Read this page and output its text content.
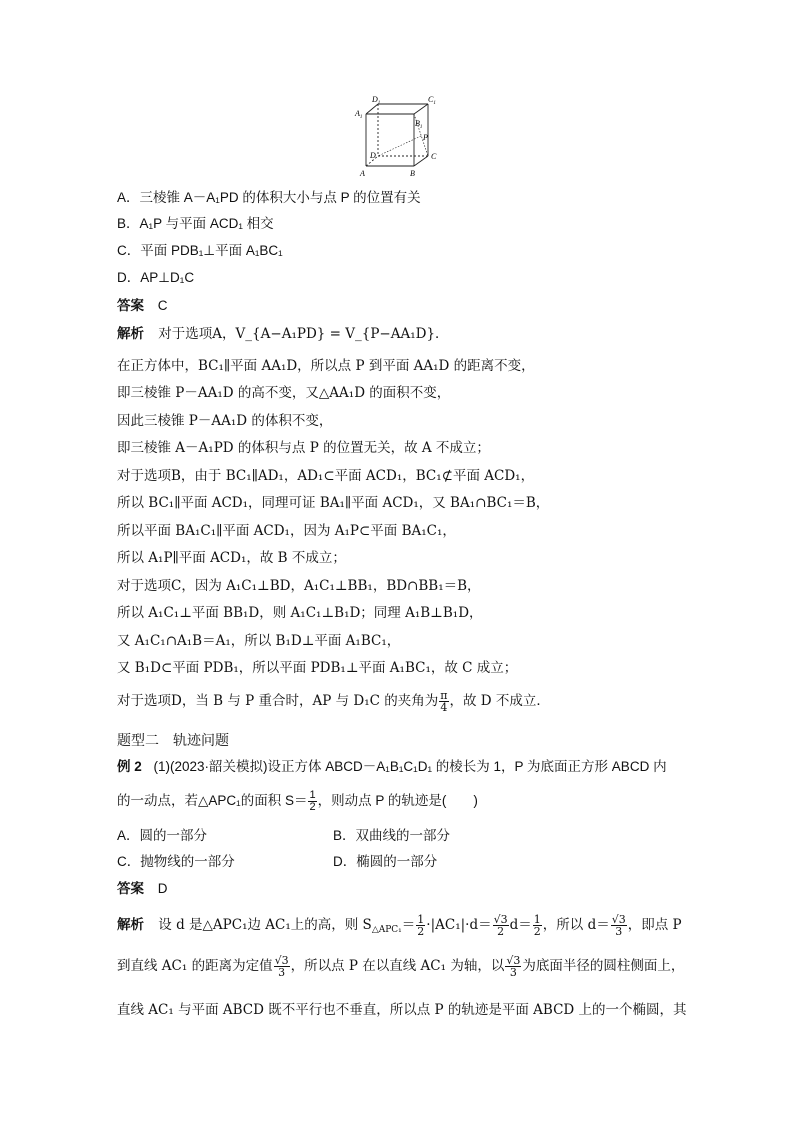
$D_1$	$C_1$
$A_1$
$B_1$
P
D	C
A	B
A．三棱锥 A－A₁PD 的体积大小与点 P 的位置有关
B．A₁P 与平面 ACD₁ 相交
C．平面 PDB₁⊥平面 A₁BC₁
D．AP⊥D₁C
答案 C
解析 对于选项A，V_{A−A₁PD} = V_{P−AA₁D}．
在正方体中，BC₁∥平面 AA₁D，所以点 P 到平面 AA₁D 的距离不变，
即三棱锥 P－AA₁D 的高不变，又△AA₁D 的面积不变，
因此三棱锥 P－AA₁D 的体积不变，
即三棱锥 A－A₁PD 的体积与点 P 的位置无关，故 A 不成立；
对于选项B，由于 BC₁∥AD₁，AD₁⊂平面 ACD₁，BC₁⊄平面 ACD₁，
所以 BC₁∥平面 ACD₁，同理可证 BA₁∥平面 ACD₁，又 BA₁∩BC₁＝B，
所以平面 BA₁C₁∥平面 ACD₁，因为 A₁P⊂平面 BA₁C₁，
所以 A₁P∥平面 ACD₁，故 B 不成立；
对于选项C，因为 A₁C₁⊥BD，A₁C₁⊥BB₁，BD∩BB₁＝B，
所以 A₁C₁⊥平面 BB₁D，则 A₁C₁⊥B₁D；同理 A₁B⊥B₁D，
又 A₁C₁∩A₁B＝A₁，所以 B₁D⊥平面 A₁BC₁，
又 B₁D⊂平面 PDB₁，所以平面 PDB₁⊥平面 A₁BC₁，故 C 成立；
对于选项D，当 B 与 P 重合时，AP 与 D₁C 的夹角为 $\frac{\pi}{4}$ ，故 D 不成立．
题型二　轨迹问题
例 2 (1)(2023·韶关模拟)设正方体 ABCD－A₁B₁C₁D₁ 的棱长为 1，P 为底面正方形 ABCD 内
的一动点，若△APC₁的面积 $S= \frac{1}{2}$ ，则动点 P 的轨迹是(　　)
A．圆的一部分	B．双曲线的一部分
C．抛物线的一部分	D．椭圆的一部分
答案 D
解析 设 d 是△APC₁边 AC₁上的高，则 $S_{\triangle APC_1}= \frac{1}{2} \cdot|AC_1|\cdot d= \frac{√3}{2} d= \frac{1}{2}$ ，所以 $d= \frac{√3}{3}$ ，即点 P
到直线 AC₁ 的距离为定值 $\frac{√3}{3}$ ，所以点 P 在以直线 AC₁ 为轴，以 $\frac{√3}{3}$ 为底面半径的圆柱侧面上，
直线 AC₁ 与平面 ABCD 既不平行也不垂直，所以点 P 的轨迹是平面 ABCD 上的一个椭圆，其
